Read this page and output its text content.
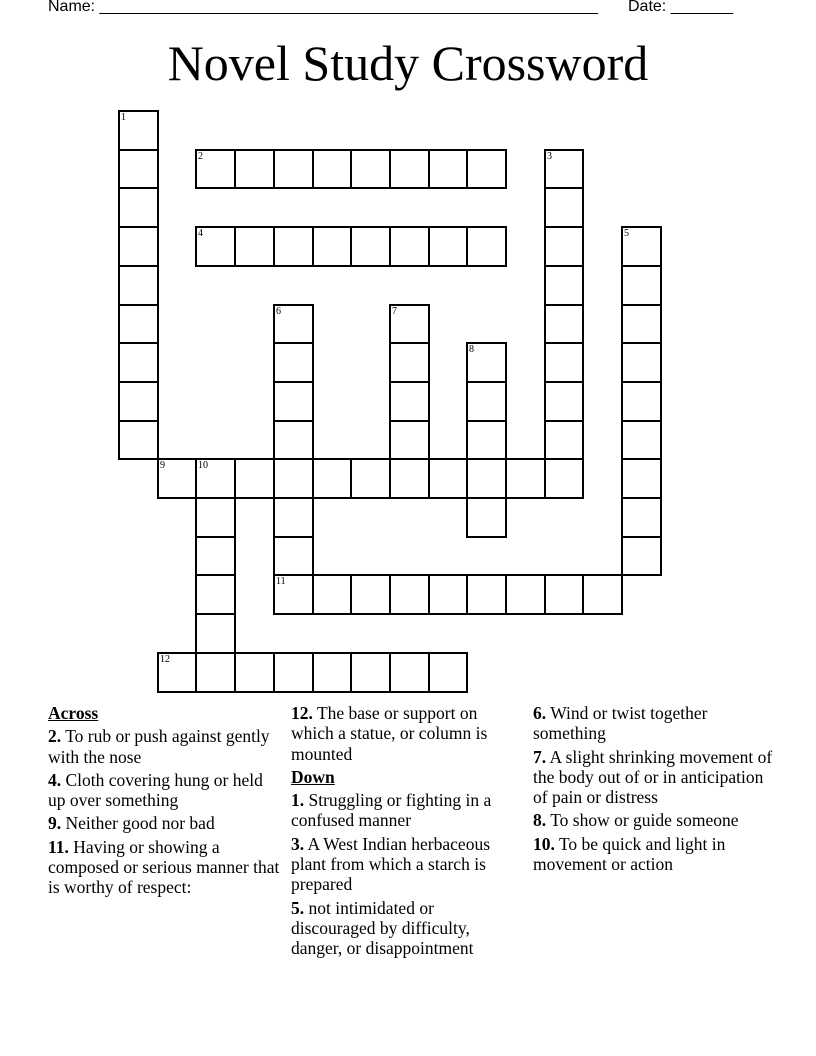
Name: ________________________________________________________ Date: _______
Novel Study Crossword
1
2	3
4	5
6
11
7
8
9	10
12
Across
2. To rub or push against gently with the nose
4. Cloth covering hung or held up over something
9. Neither good nor bad
11. Having or showing a composed or serious manner that is worthy of respect:
12. The base or support on which a statue, or column is mounted
Down
1. Struggling or fighting in a confused manner
3. A West Indian herbaceous plant from which a starch is prepared
5. not intimidated or discouraged by difficulty, danger, or disappointment
6. Wind or twist together something
7. A slight shrinking movement of the body out of or in anticipation of pain or distress
8. To show or guide someone
10. To be quick and light in movement or action
